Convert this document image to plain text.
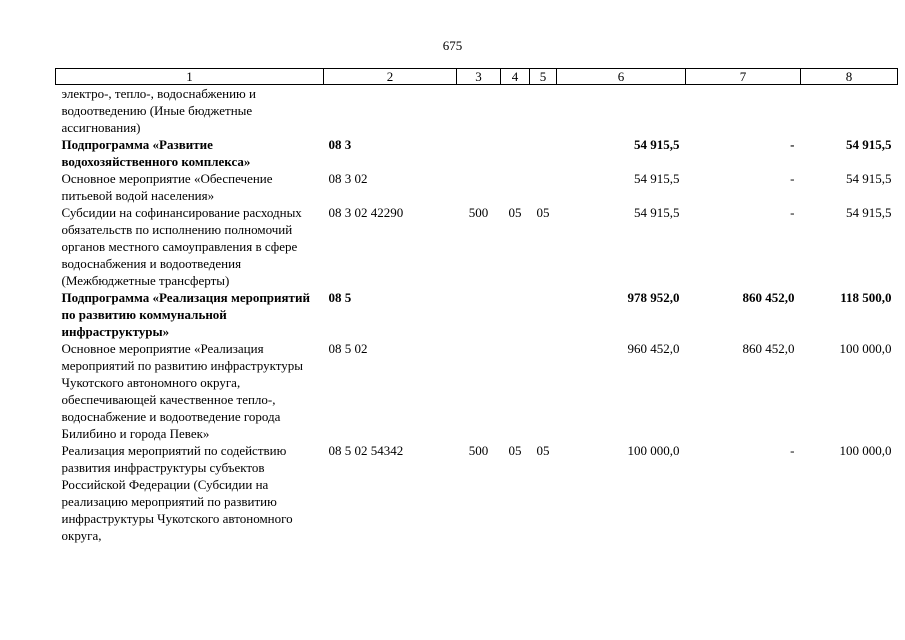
675
1	2	3	4	5	6	7	8
электро-, тепло-, водоснабжению и водоотведению (Иные бюджетные ассигнования)							
Подпрограмма «Развитие водохозяйственного комплекса»	08 3				54 915,5	-	54 915,5
Основное мероприятие «Обеспечение питьевой водой населения»	08 3 02				54 915,5	-	54 915,5
Субсидии на софинансирование расходных обязательств по исполнению полномочий органов местного самоуправления в сфере водоснабжения и водоотведения (Межбюджетные трансферты)	08 3 02 42290	500	05	05	54 915,5	-	54 915,5
Подпрограмма «Реализация мероприятий по развитию коммунальной инфраструктуры»	08 5				978 952,0	860 452,0	118 500,0
Основное мероприятие «Реализация мероприятий по развитию инфраструктуры Чукотского автономного округа, обеспечивающей качественное тепло-, водоснабжение и водоотведение города Билибино и города Певек»	08 5 02				960 452,0	860 452,0	100 000,0
Реализация мероприятий по содействию развития инфраструктуры субъектов Российской Федерации (Субсидии на реализацию мероприятий по развитию инфраструктуры Чукотского автономного округа,	08 5 02 54342	500	05	05	100 000,0	-	100 000,0
